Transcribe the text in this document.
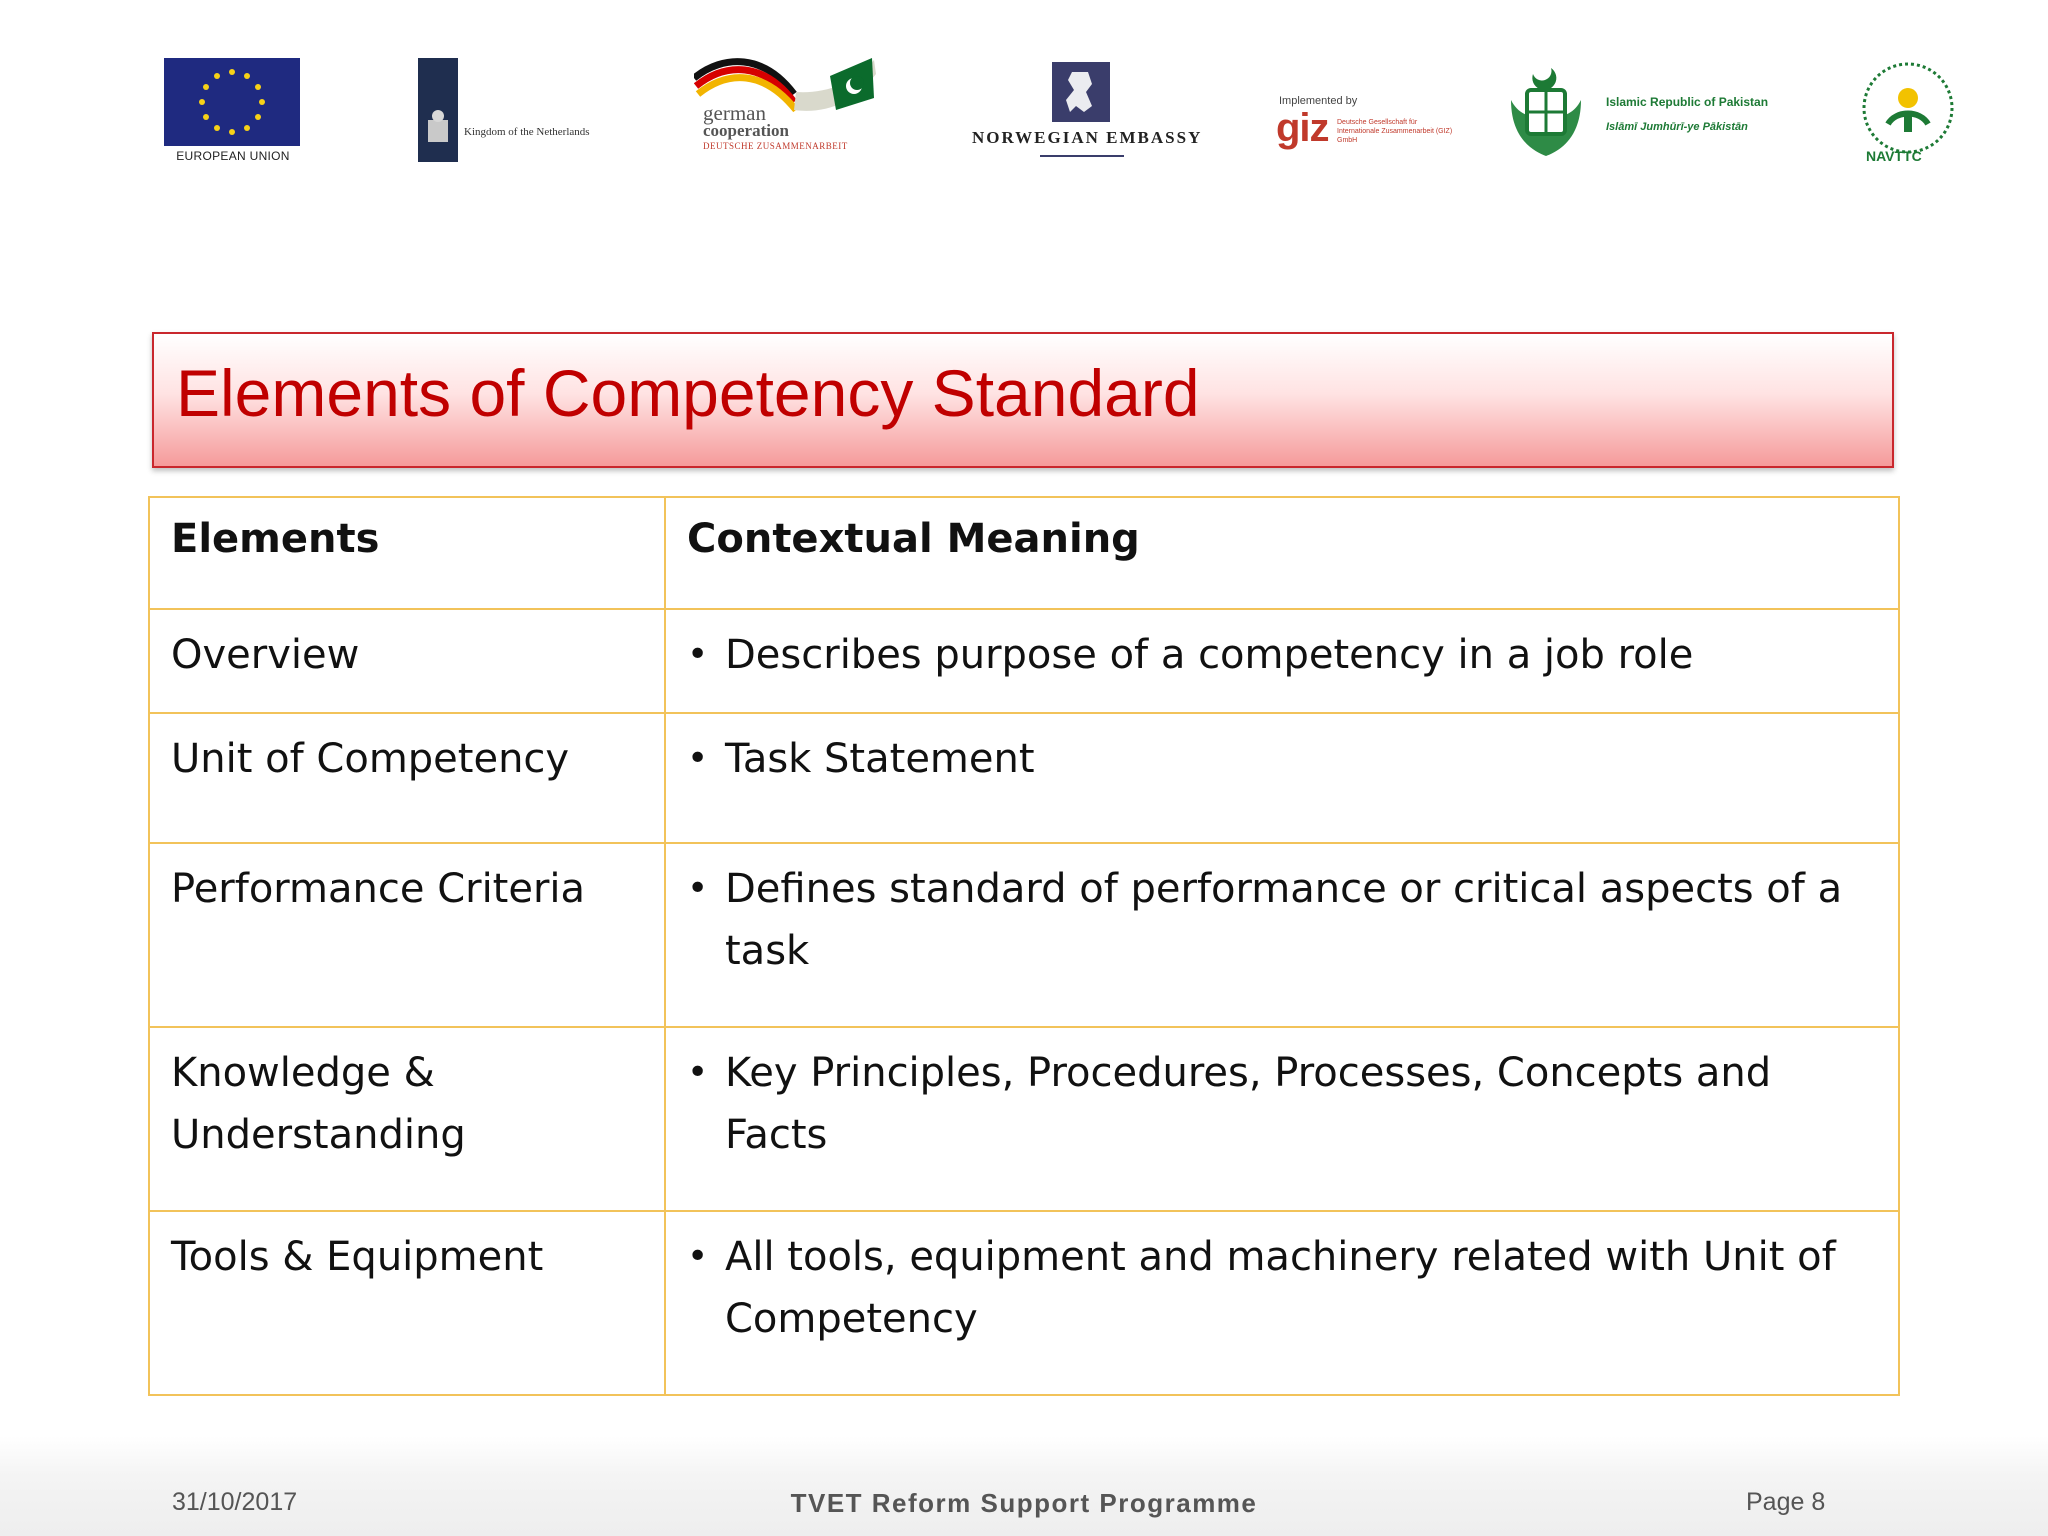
EUROPEAN UNION
Kingdom of the Netherlands
german
cooperation
DEUTSCHE ZUSAMMENARBEIT	NORWEGIAN EMBASSY
Implemented by
giz Deutsche Gesellschaft für Internationale Zusammenarbeit (GIZ) GmbH
Islamic Republic of Pakistan
Islāmī Jumhūrī-ye Pākistān
NAVTTC
Elements of Competency Standard
Elements	Contextual Meaning

Overview	• Describes purpose of a competency in a job role

Unit of Competency	• Task Statement

Performance Criteria	• Defines standard of performance or critical aspects of a task

Knowledge & Understanding	• Key Principles, Procedures, Processes, Concepts and Facts

Tools & Equipment	• All tools, equipment and machinery related with Unit of Competency
31/10/2017	TVET Reform Support Programme	Page 8
